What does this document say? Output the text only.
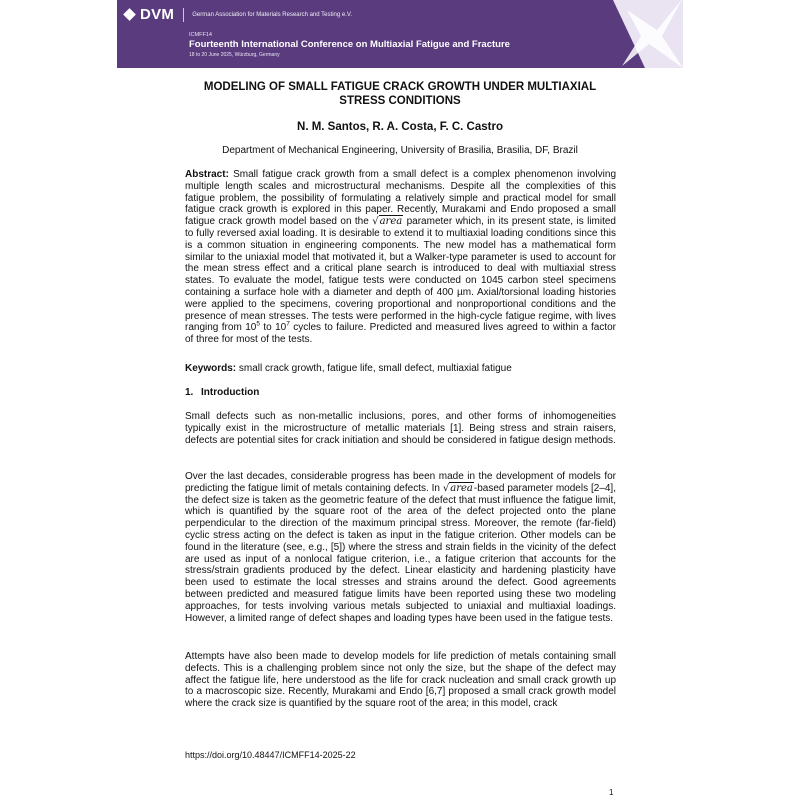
DVM	German Association for Materials Research and Testing e.V.
ICMFF14
Fourteenth International Conference on Multiaxial Fatigue and Fracture
18 to 20 June 2025, Würzburg, Germany
MODELING OF SMALL FATIGUE CRACK GROWTH UNDER MULTIAXIAL STRESS CONDITIONS
N. M. Santos, R. A. Costa, F. C. Castro
Department of Mechanical Engineering, University of Brasilia, Brasilia, DF, Brazil
Abstract: Small fatigue crack growth from a small defect is a complex phenomenon involving multiple length scales and microstructural mechanisms. Despite all the complexities of this fatigue problem, the possibility of formulating a relatively simple and practical model for small fatigue crack growth is explored in this paper. Recently, Murakami and Endo proposed a small fatigue crack growth model based on the √area parameter which, in its present state, is limited to fully reversed axial loading. It is desirable to extend it to multiaxial loading conditions since this is a common situation in engineering components. The new model has a mathematical form similar to the uniaxial model that motivated it, but a Walker-type parameter is used to account for the mean stress effect and a critical plane search is introduced to deal with multiaxial stress states. To evaluate the model, fatigue tests were conducted on 1045 carbon steel specimens containing a surface hole with a diameter and depth of 400 µm. Axial/torsional loading histories were applied to the specimens, covering proportional and nonproportional conditions and the presence of mean stresses. The tests were performed in the high-cycle fatigue regime, with lives ranging from $10^5$ to $10^7$ cycles to failure. Predicted and measured lives agreed to within a factor of three for most of the tests.
Keywords: small crack growth, fatigue life, small defect, multiaxial fatigue
1. Introduction
Small defects such as non-metallic inclusions, pores, and other forms of inhomogeneities typically exist in the microstructure of metallic materials [1]. Being stress and strain raisers, defects are potential sites for crack initiation and should be considered in fatigue design methods.
Over the last decades, considerable progress has been made in the development of models for predicting the fatigue limit of metals containing defects. In √area-based parameter models [2–4], the defect size is taken as the geometric feature of the defect that must influence the fatigue limit, which is quantified by the square root of the area of the defect projected onto the plane perpendicular to the direction of the maximum principal stress. Moreover, the remote (far-field) cyclic stress acting on the defect is taken as input in the fatigue criterion. Other models can be found in the literature (see, e.g., [5]) where the stress and strain fields in the vicinity of the defect are used as input of a nonlocal fatigue criterion, i.e., a fatigue criterion that accounts for the stress/strain gradients produced by the defect. Linear elasticity and hardening plasticity have been used to estimate the local stresses and strains around the defect. Good agreements between predicted and measured fatigue limits have been reported using these two modeling approaches, for tests involving various metals subjected to uniaxial and multiaxial loadings. However, a limited range of defect shapes and loading types have been used in the fatigue tests.
Attempts have also been made to develop models for life prediction of metals containing small defects. This is a challenging problem since not only the size, but the shape of the defect may affect the fatigue life, here understood as the life for crack nucleation and small crack growth up to a macroscopic size. Recently, Murakami and Endo [6,7] proposed a small crack growth model where the crack size is quantified by the square root of the area; in this model, crack
https://doi.org/10.48447/ICMFF14-2025-22
1
